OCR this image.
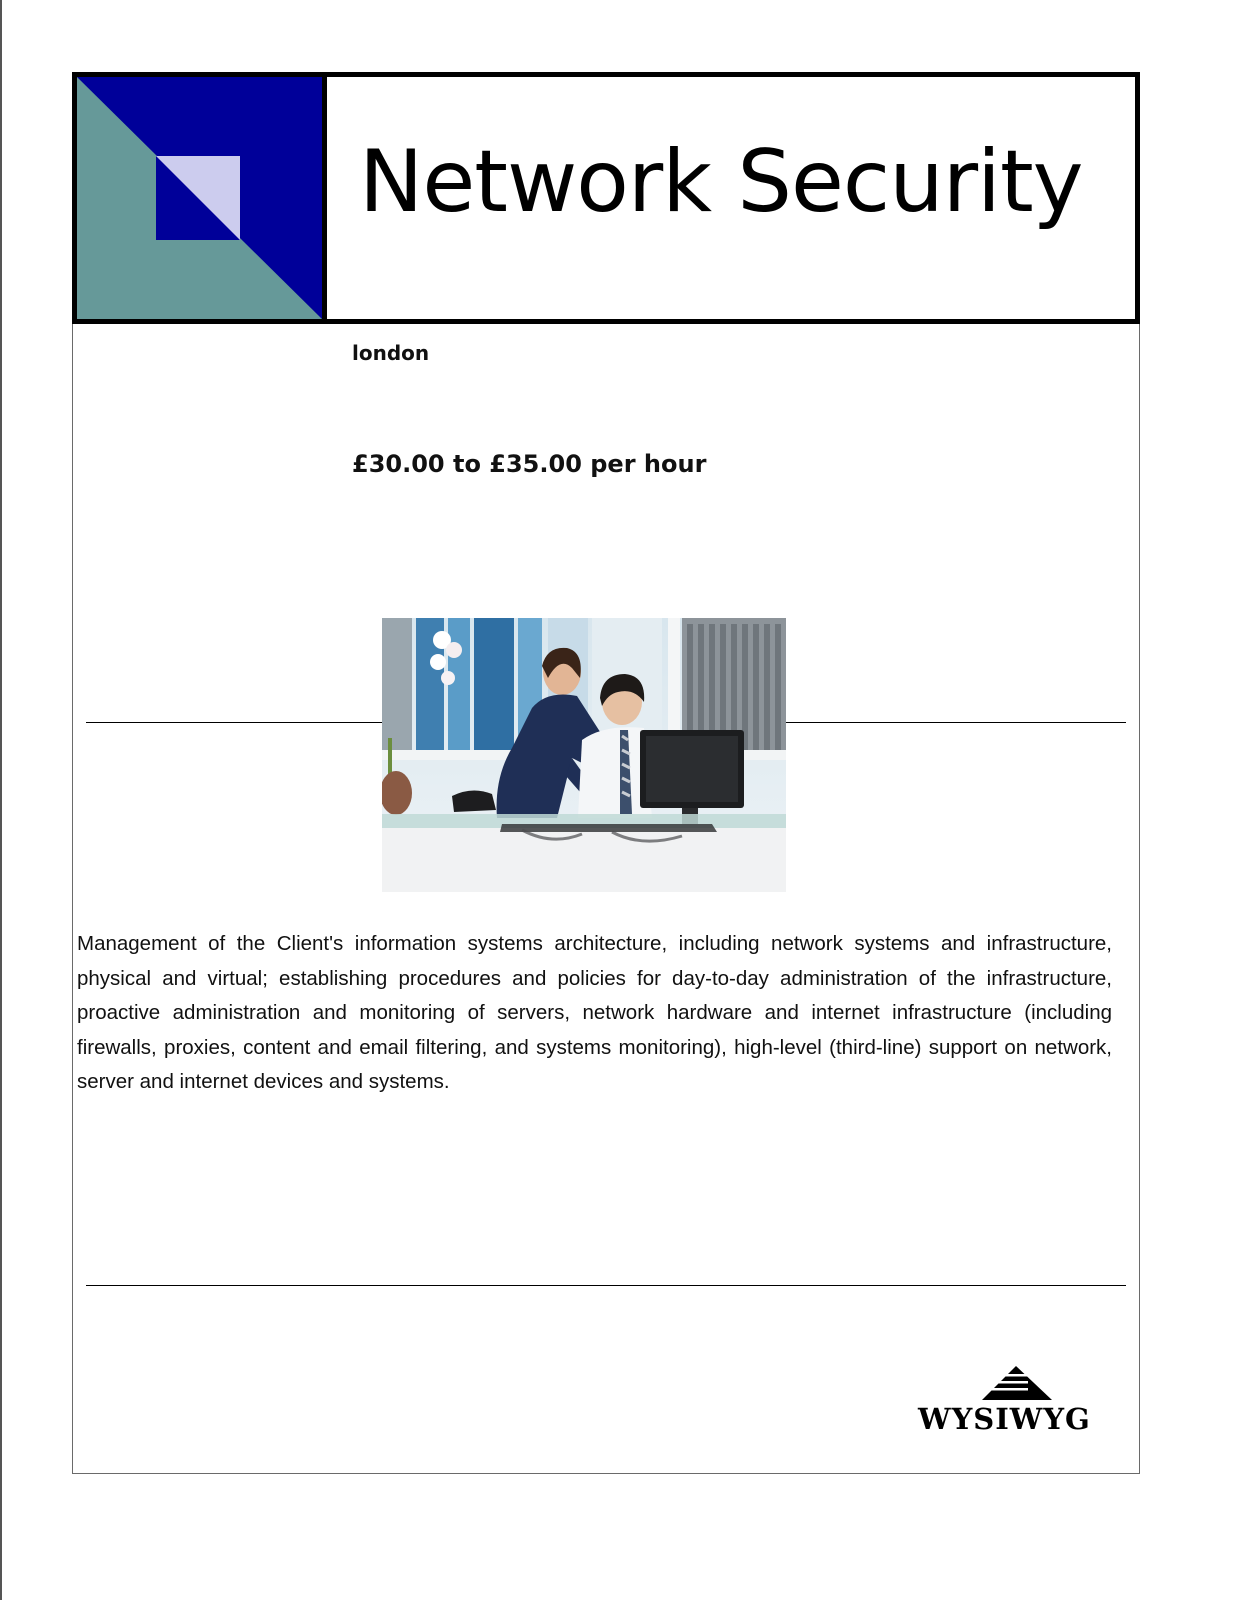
Network Security
london
£30.00 to £35.00 per hour

Management of the Client's information systems architecture, including network systems and infrastructure, physical and virtual; establishing procedures and policies for day-to-day administration of the infrastructure, proactive administration and monitoring of servers, network hardware and internet infrastructure (including firewalls, proxies, content and email filtering, and systems monitoring), high-level (third-line) support on network, server and internet devices and systems.

WYSIWYG
